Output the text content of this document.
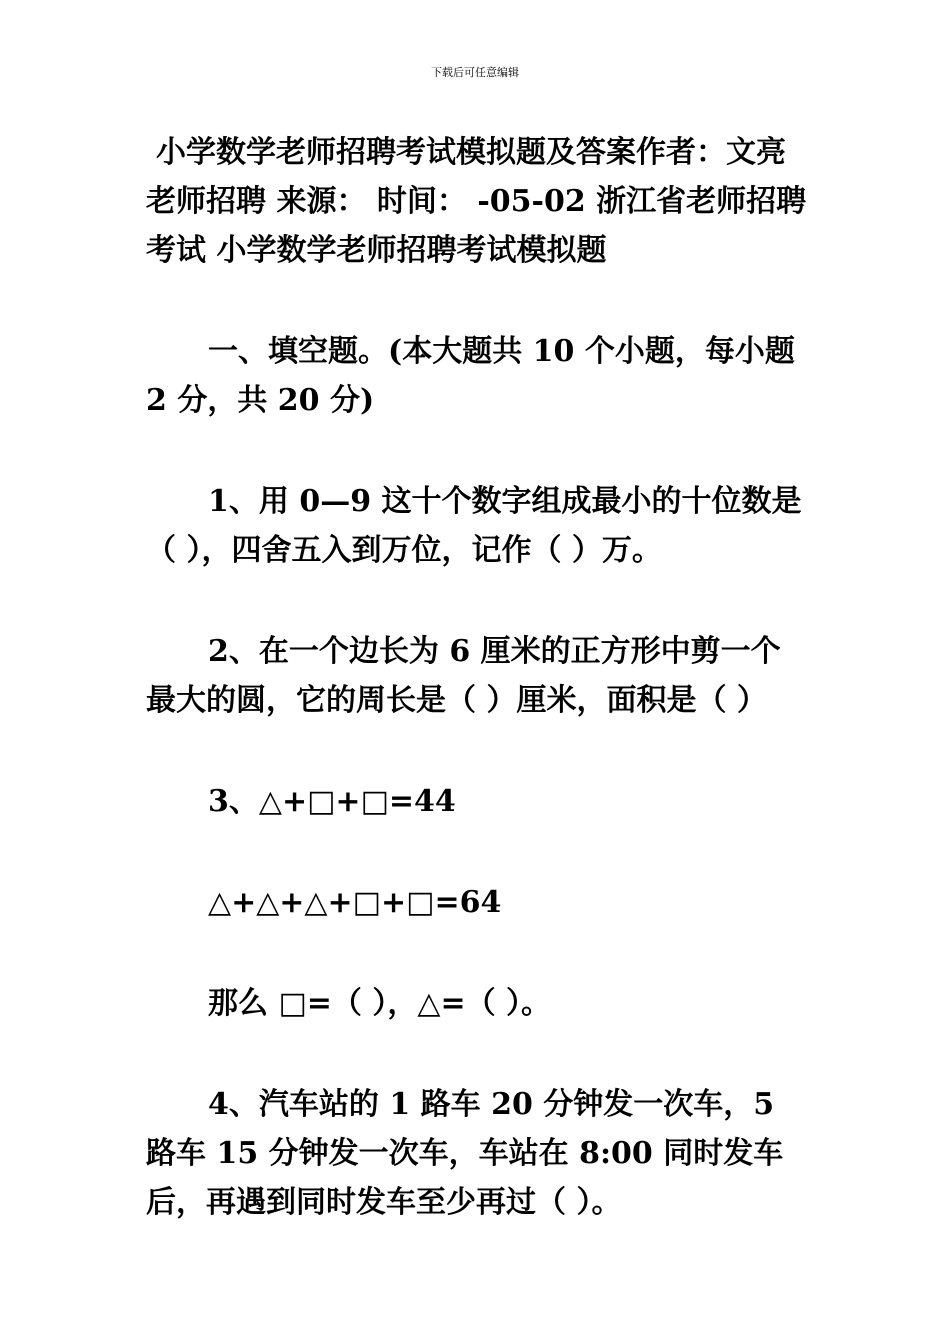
下载后可任意编辑

小学数学老师招聘考试模拟题及答案作者：文亮老师招聘 来源： 时间： -05-02 浙江省老师招聘考试 小学数学老师招聘考试模拟题

一、填空题。(本大题共 10 个小题，每小题 2 分，共 20 分)

1、用 0—9 这十个数字组成最小的十位数是（ ），四舍五入到万位，记作（ ）万。

2、在一个边长为 6 厘米的正方形中剪一个最大的圆，它的周长是（ ）厘米，面积是（ ）

3、△+□+□=44

△+△+△+□+□=64

那么 □=（ ），△=（ ）。

4、汽车站的 1 路车 20 分钟发一次车，5 路车 15 分钟发一次车，车站在 8:00 同时发车后，再遇到同时发车至少再过（ ）。
